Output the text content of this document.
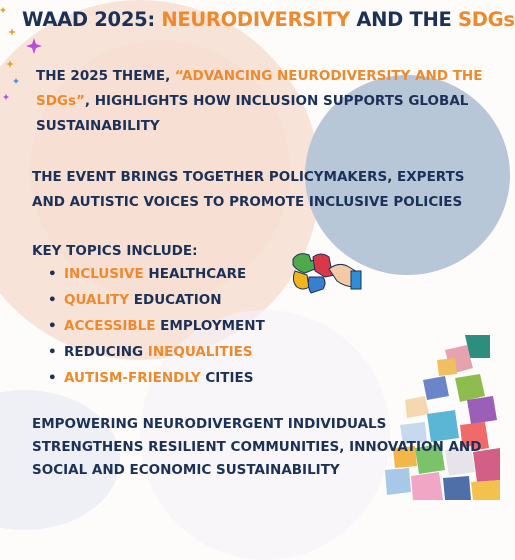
WAAD 2025: NEURODIVERSITY AND THE SDGs
THE 2025 THEME, “ADVANCING NEURODIVERSITY AND THE SDGs”, HIGHLIGHTS HOW INCLUSION SUPPORTS GLOBAL SUSTAINABILITY
THE EVENT BRINGS TOGETHER POLICYMAKERS, EXPERTS AND AUTISTIC VOICES TO PROMOTE INCLUSIVE POLICIES
KEY TOPICS INCLUDE:
• INCLUSIVE HEALTHCARE
• QUALITY EDUCATION
• ACCESSIBLE EMPLOYMENT
• REDUCING INEQUALITIES
• AUTISM-FRIENDLY CITIES
EMPOWERING NEURODIVERGENT INDIVIDUALS STRENGTHENS RESILIENT COMMUNITIES, INNOVATION AND SOCIAL AND ECONOMIC SUSTAINABILITY
